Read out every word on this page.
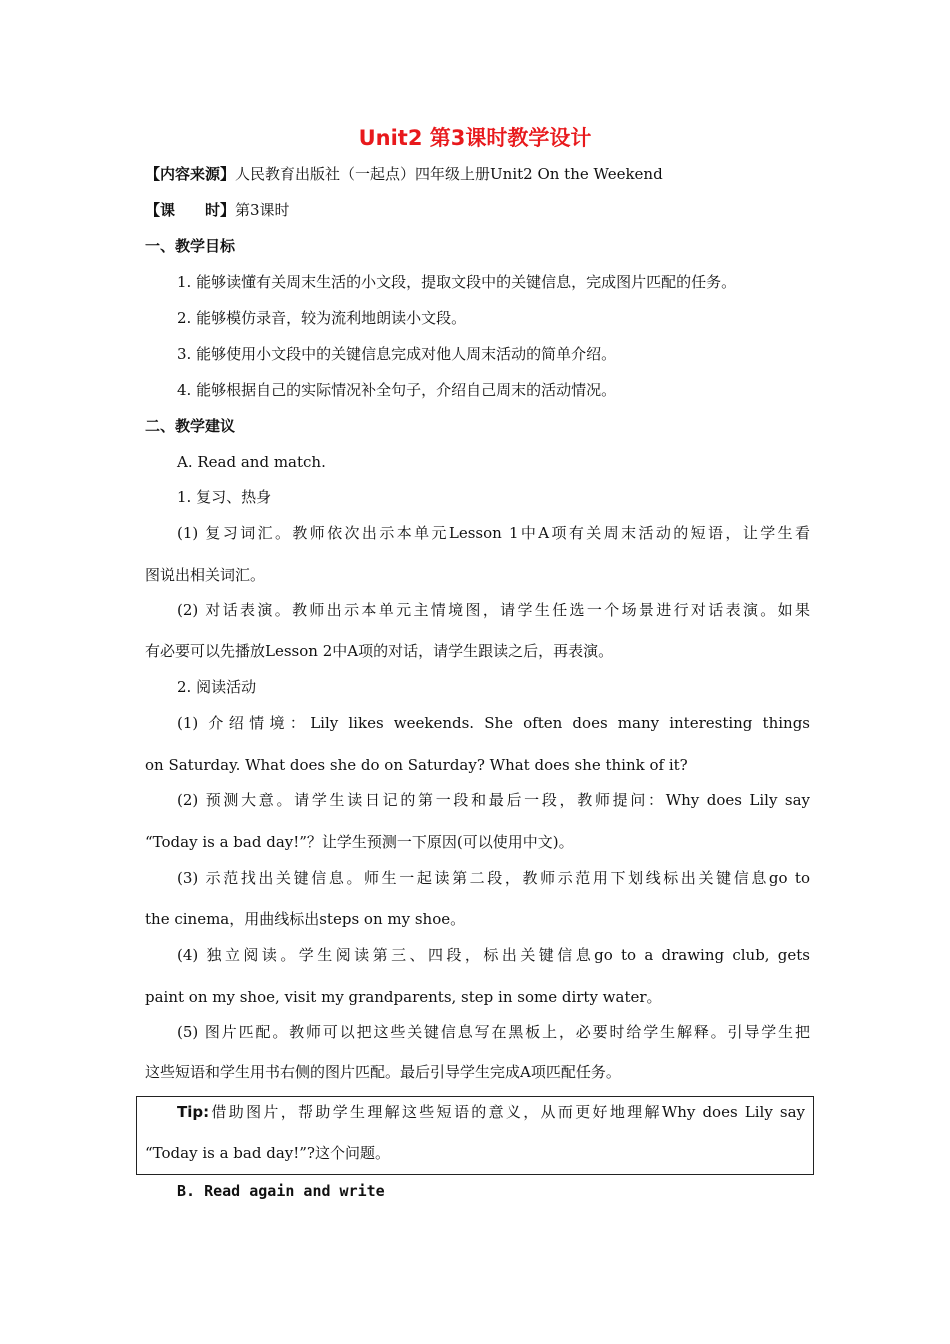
Unit2 第3课时教学设计
【内容来源】人民教育出版社（一起点）四年级上册Unit2 On the Weekend
【课　　时】第3课时
一、教学目标
1. 能够读懂有关周末生活的小文段，提取文段中的关键信息，完成图片匹配的任务。
2. 能够模仿录音，较为流利地朗读小文段。
3. 能够使用小文段中的关键信息完成对他人周末活动的简单介绍。
4. 能够根据自己的实际情况补全句子，介绍自己周末的活动情况。
二、教学建议
A. Read and match.
1. 复习、热身
(1) 复习词汇。教师依次出示本单元Lesson 1中A项有关周末活动的短语，让学生看
图说出相关词汇。
(2) 对话表演。教师出示本单元主情境图，请学生任选一个场景进行对话表演。如果
有必要可以先播放Lesson 2中A项的对话，请学生跟读之后，再表演。
2. 阅读活动
(1) 介绍情境：Lily likes weekends. She often does many interesting things
on Saturday. What does she do on Saturday? What does she think of it?
(2) 预测大意。请学生读日记的第一段和最后一段，教师提问：Why does Lily say
“Today is a bad day!”？让学生预测一下原因(可以使用中文)。
(3) 示范找出关键信息。师生一起读第二段，教师示范用下划线标出关键信息go to
the cinema，用曲线标出steps on my shoe。
(4) 独立阅读。学生阅读第三、四段，标出关键信息go to a drawing club, gets
paint on my shoe, visit my grandparents, step in some dirty water。
(5) 图片匹配。教师可以把这些关键信息写在黑板上，必要时给学生解释。引导学生把
这些短语和学生用书右侧的图片匹配。最后引导学生完成A项匹配任务。
Tip:借助图片，帮助学生理解这些短语的意义，从而更好地理解Why does Lily say
“Today is a bad day!”?这个问题。
B. Read again and write
